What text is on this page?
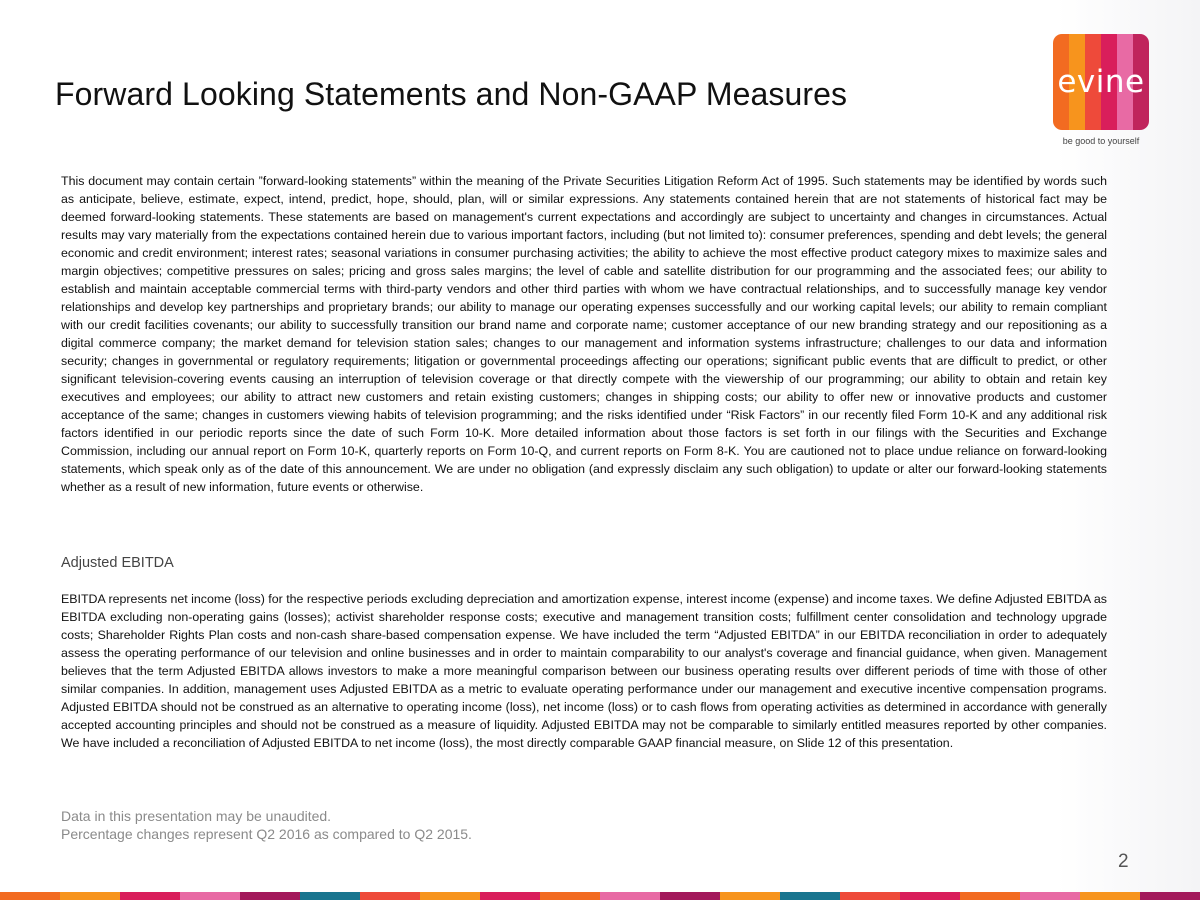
Forward Looking Statements and Non-GAAP Measures	evine
be good to yourself

This document may contain certain ”forward-looking statements” within the meaning of the Private Securities Litigation Reform Act of 1995. Such statements may be identified by words such as anticipate, believe, estimate, expect, intend, predict, hope, should, plan, will or similar expressions. Any statements contained herein that are not statements of historical fact may be deemed forward-looking statements. These statements are based on management's current expectations and accordingly are subject to uncertainty and changes in circumstances. Actual results may vary materially from the expectations contained herein due to various important factors, including (but not limited to): consumer preferences, spending and debt levels; the general economic and credit environment; interest rates; seasonal variations in consumer purchasing activities; the ability to achieve the most effective product category mixes to maximize sales and margin objectives; competitive pressures on sales; pricing and gross sales margins; the level of cable and satellite distribution for our programming and the associated fees; our ability to establish and maintain acceptable commercial terms with third-party vendors and other third parties with whom we have contractual relationships, and to successfully manage key vendor relationships and develop key partnerships and proprietary brands; our ability to manage our operating expenses successfully and our working capital levels; our ability to remain compliant with our credit facilities covenants; our ability to successfully transition our brand name and corporate name; customer acceptance of our new branding strategy and our repositioning as a digital commerce company; the market demand for television station sales; changes to our management and information systems infrastructure; challenges to our data and information security; changes in governmental or regulatory requirements; litigation or governmental proceedings affecting our operations; significant public events that are difficult to predict, or other significant television-covering events causing an interruption of television coverage or that directly compete with the viewership of our programming; our ability to obtain and retain key executives and employees; our ability to attract new customers and retain existing customers; changes in shipping costs; our ability to offer new or innovative products and customer acceptance of the same; changes in customers viewing habits of television programming; and the risks identified under “Risk Factors” in our recently filed Form 10-K and any additional risk factors identified in our periodic reports since the date of such Form 10-K. More detailed information about those factors is set forth in our filings with the Securities and Exchange Commission, including our annual report on Form 10-K, quarterly reports on Form 10-Q, and current reports on Form 8-K. You are cautioned not to place undue reliance on forward-looking statements, which speak only as of the date of this announcement. We are under no obligation (and expressly disclaim any such obligation) to update or alter our forward-looking statements whether as a result of new information, future events or otherwise.

Adjusted EBITDA

EBITDA represents net income (loss) for the respective periods excluding depreciation and amortization expense, interest income (expense) and income taxes. We define Adjusted EBITDA as EBITDA excluding non-operating gains (losses); activist shareholder response costs; executive and management transition costs; fulfillment center consolidation and technology upgrade costs; Shareholder Rights Plan costs and non-cash share-based compensation expense. We have included the term “Adjusted EBITDA” in our EBITDA reconciliation in order to adequately assess the operating performance of our television and online businesses and in order to maintain comparability to our analyst's coverage and financial guidance, when given. Management believes that the term Adjusted EBITDA allows investors to make a more meaningful comparison between our business operating results over different periods of time with those of other similar companies. In addition, management uses Adjusted EBITDA as a metric to evaluate operating performance under our management and executive incentive compensation programs. Adjusted EBITDA should not be construed as an alternative to operating income (loss), net income (loss) or to cash flows from operating activities as determined in accordance with generally accepted accounting principles and should not be construed as a measure of liquidity. Adjusted EBITDA may not be comparable to similarly entitled measures reported by other companies. We have included a reconciliation of Adjusted EBITDA to net income (loss), the most directly comparable GAAP financial measure, on Slide 12 of this presentation.

Data in this presentation may be unaudited.

Percentage changes represent Q2 2016 as compared to Q2 2015.

2
